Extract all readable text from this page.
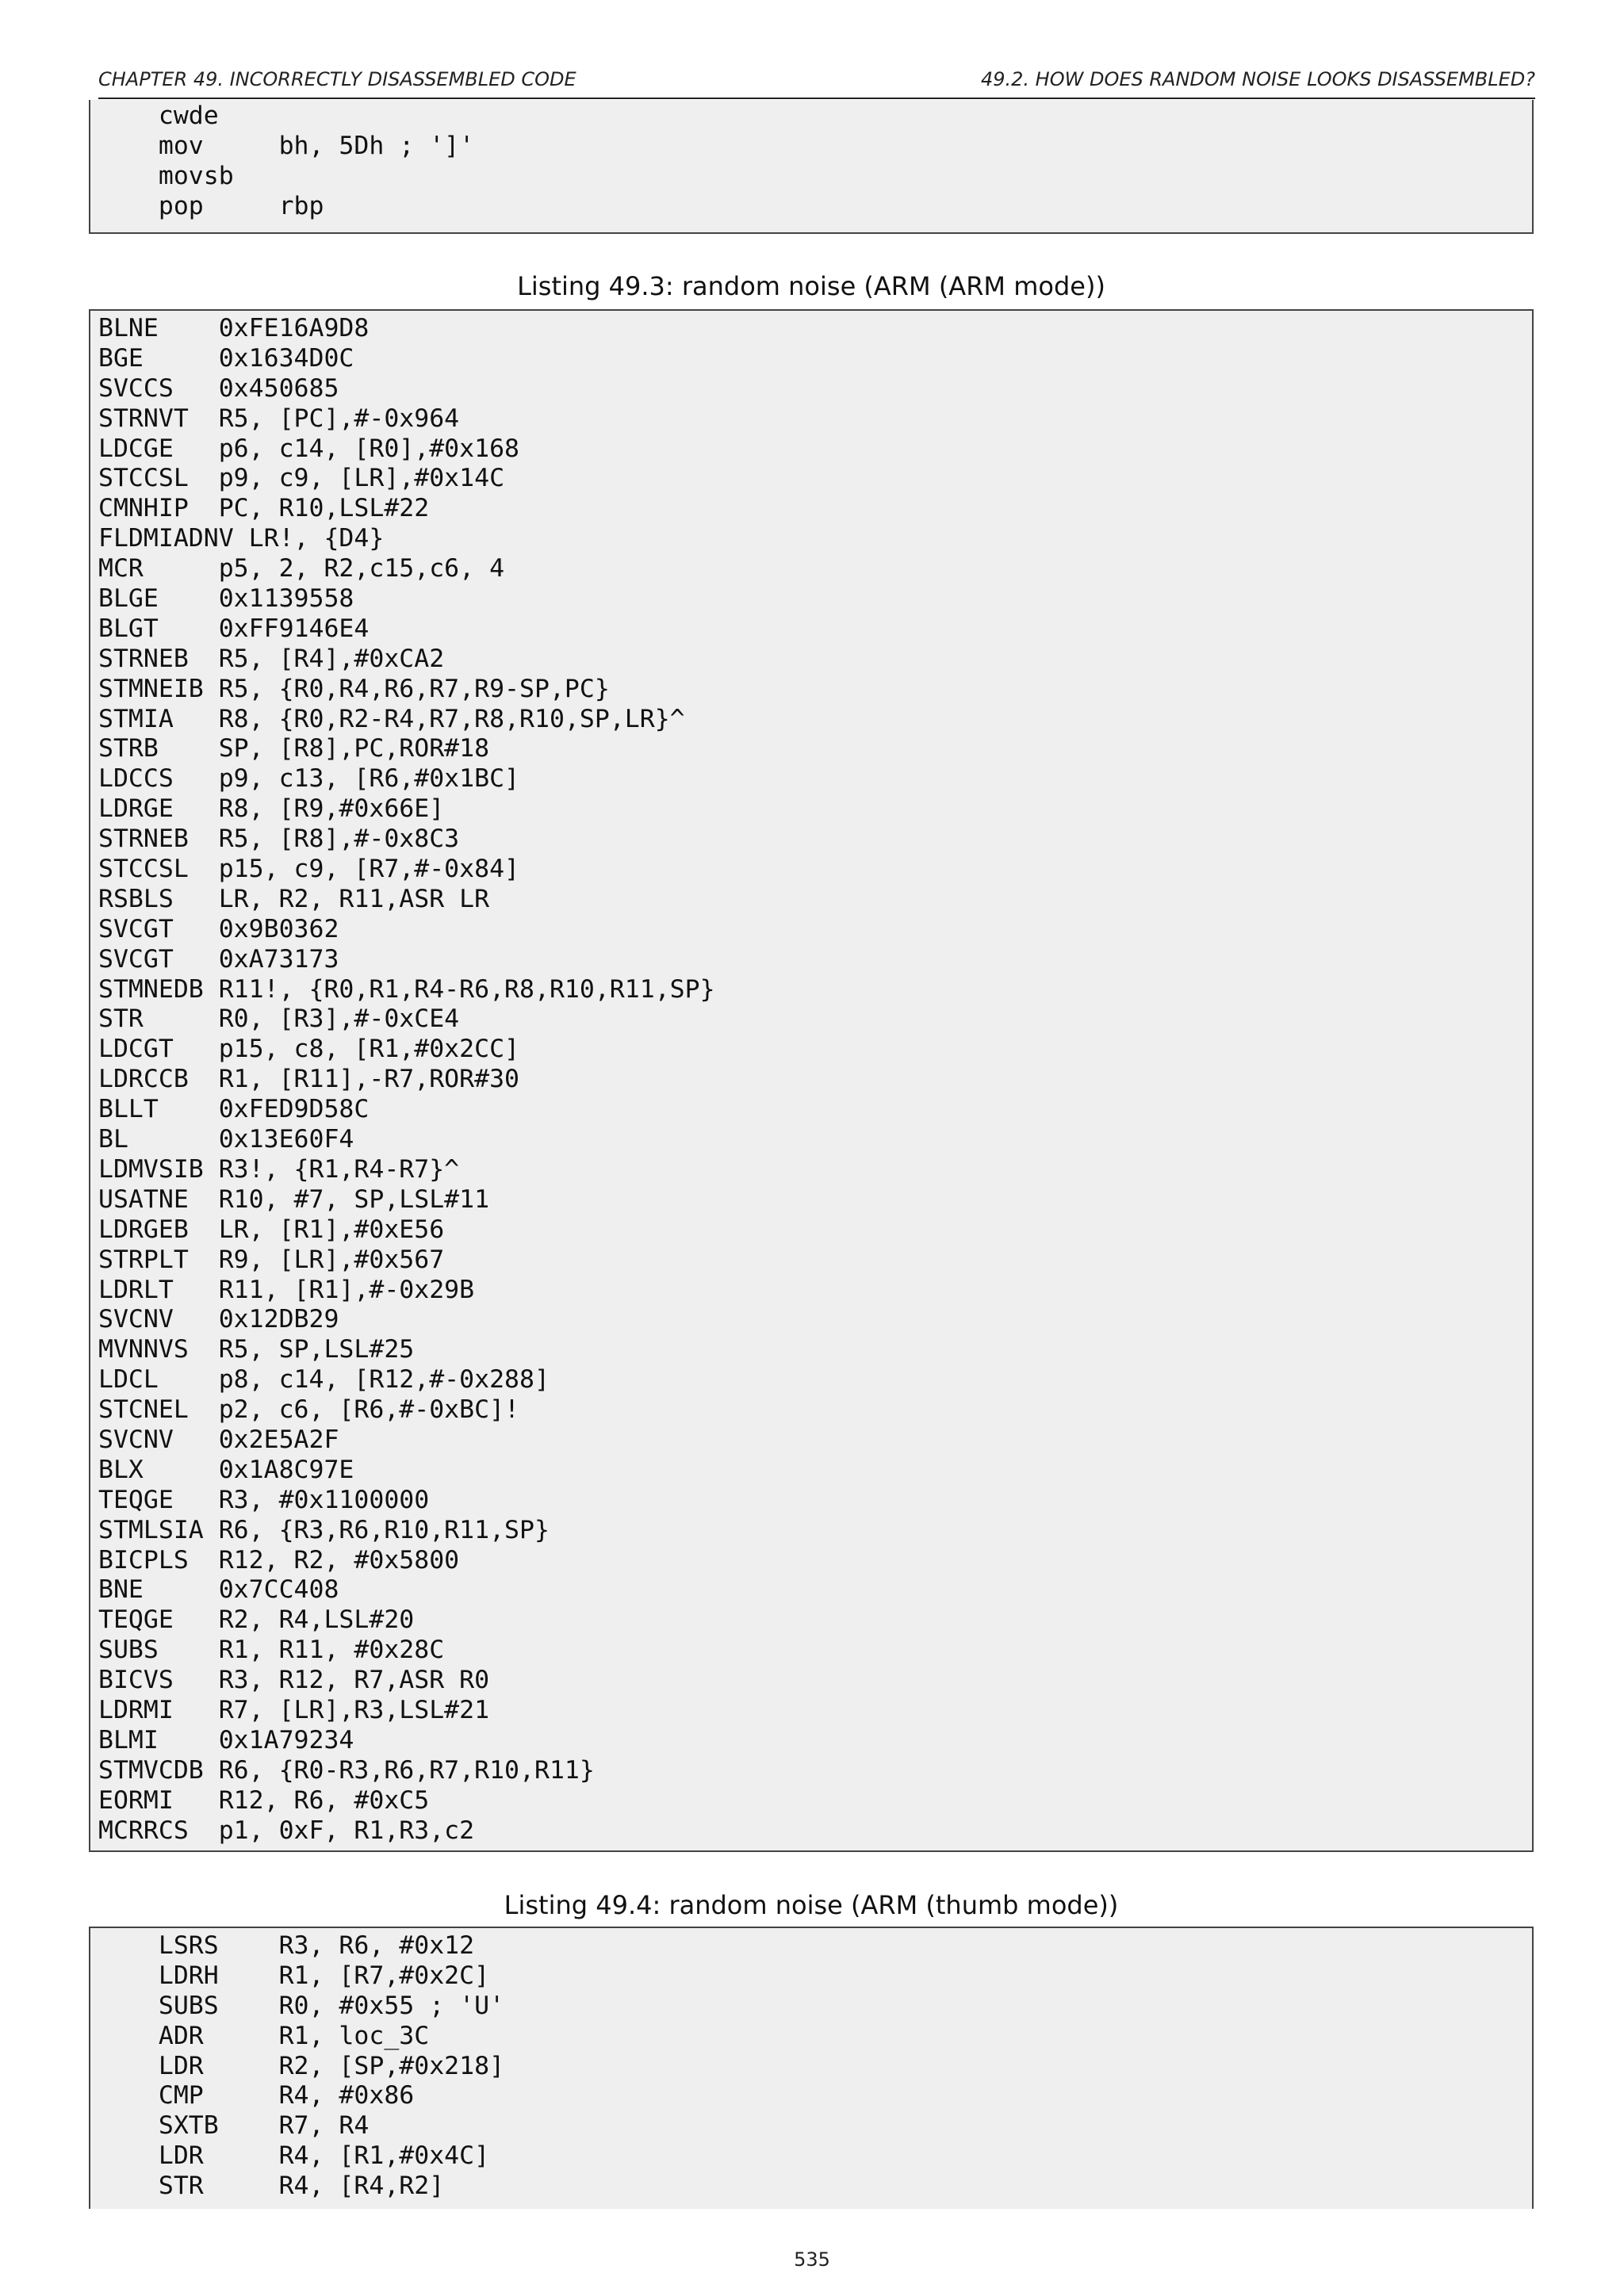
CHAPTER 49. INCORRECTLY DISASSEMBLED CODE	49.2. HOW DOES RANDOM NOISE LOOKS DISASSEMBLED?
cwde
mov     bh, 5Dh ; ']'
movsb
pop     rbp
Listing 49.3: random noise (ARM (ARM mode))
BLNE    0xFE16A9D8
BGE     0x1634D0C
SVCCS   0x450685
STRNVT  R5, [PC],#-0x964
LDCGE   p6, c14, [R0],#0x168
STCCSL  p9, c9, [LR],#0x14C
CMNHIP  PC, R10,LSL#22
FLDMIADNV LR!, {D4}
MCR     p5, 2, R2,c15,c6, 4
BLGE    0x1139558
BLGT    0xFF9146E4
STRNEB  R5, [R4],#0xCA2
STMNEIB R5, {R0,R4,R6,R7,R9-SP,PC}
STMIA   R8, {R0,R2-R4,R7,R8,R10,SP,LR}^
STRB    SP, [R8],PC,ROR#18
LDCCS   p9, c13, [R6,#0x1BC]
LDRGE   R8, [R9,#0x66E]
STRNEB  R5, [R8],#-0x8C3
STCCSL  p15, c9, [R7,#-0x84]
RSBLS   LR, R2, R11,ASR LR
SVCGT   0x9B0362
SVCGT   0xA73173
STMNEDB R11!, {R0,R1,R4-R6,R8,R10,R11,SP}
STR     R0, [R3],#-0xCE4
LDCGT   p15, c8, [R1,#0x2CC]
LDRCCB  R1, [R11],-R7,ROR#30
BLLT    0xFED9D58C
BL      0x13E60F4
LDMVSIB R3!, {R1,R4-R7}^
USATNE  R10, #7, SP,LSL#11
LDRGEB  LR, [R1],#0xE56
STRPLT  R9, [LR],#0x567
LDRLT   R11, [R1],#-0x29B
SVCNV   0x12DB29
MVNNVS  R5, SP,LSL#25
LDCL    p8, c14, [R12,#-0x288]
STCNEL  p2, c6, [R6,#-0xBC]!
SVCNV   0x2E5A2F
BLX     0x1A8C97E
TEQGE   R3, #0x1100000
STMLSIA R6, {R3,R6,R10,R11,SP}
BICPLS  R12, R2, #0x5800
BNE     0x7CC408
TEQGE   R2, R4,LSL#20
SUBS    R1, R11, #0x28C
BICVS   R3, R12, R7,ASR R0
LDRMI   R7, [LR],R3,LSL#21
BLMI    0x1A79234
STMVCDB R6, {R0-R3,R6,R7,R10,R11}
EORMI   R12, R6, #0xC5
MCRRCS  p1, 0xF, R1,R3,c2
Listing 49.4: random noise (ARM (thumb mode))
LSRS    R3, R6, #0x12
LDRH    R1, [R7,#0x2C]
SUBS    R0, #0x55 ; 'U'
ADR     R1, loc_3C
LDR     R2, [SP,#0x218]
CMP     R4, #0x86
SXTB    R7, R4
LDR     R4, [R1,#0x4C]
STR     R4, [R4,R2]
535
